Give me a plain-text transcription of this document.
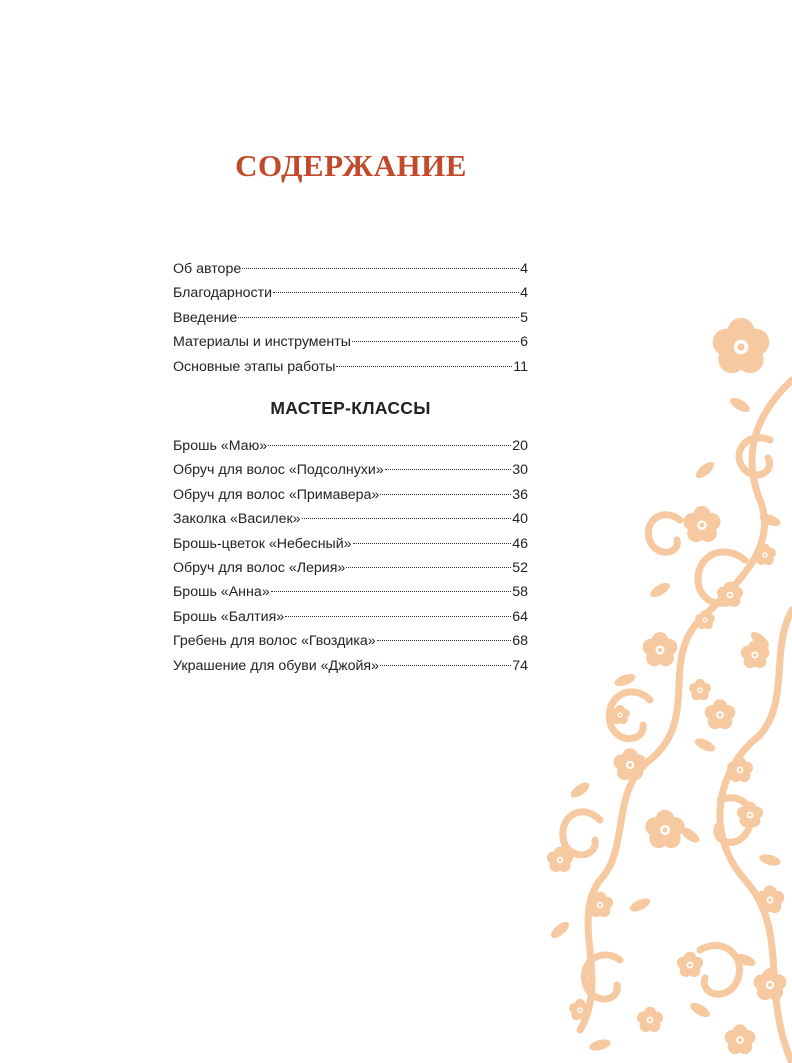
СОДЕРЖАНИЕ
Об авторе	4
Благодарности	4
Введение	5
Материалы и инструменты	6
Основные этапы работы	11
МАСТЕР-КЛАССЫ
Брошь «Маю»	20
Обруч для волос «Подсолнухи»	30
Обруч для волос «Примавера»	36
Заколка «Василек»	40
Брошь-цветок «Небесный»	46
Обруч для волос «Лерия»	52
Брошь «Анна»	58
Брошь «Балтия»	64
Гребень для волос «Гвоздика»	68
Украшение для обуви «Джойя»	74
